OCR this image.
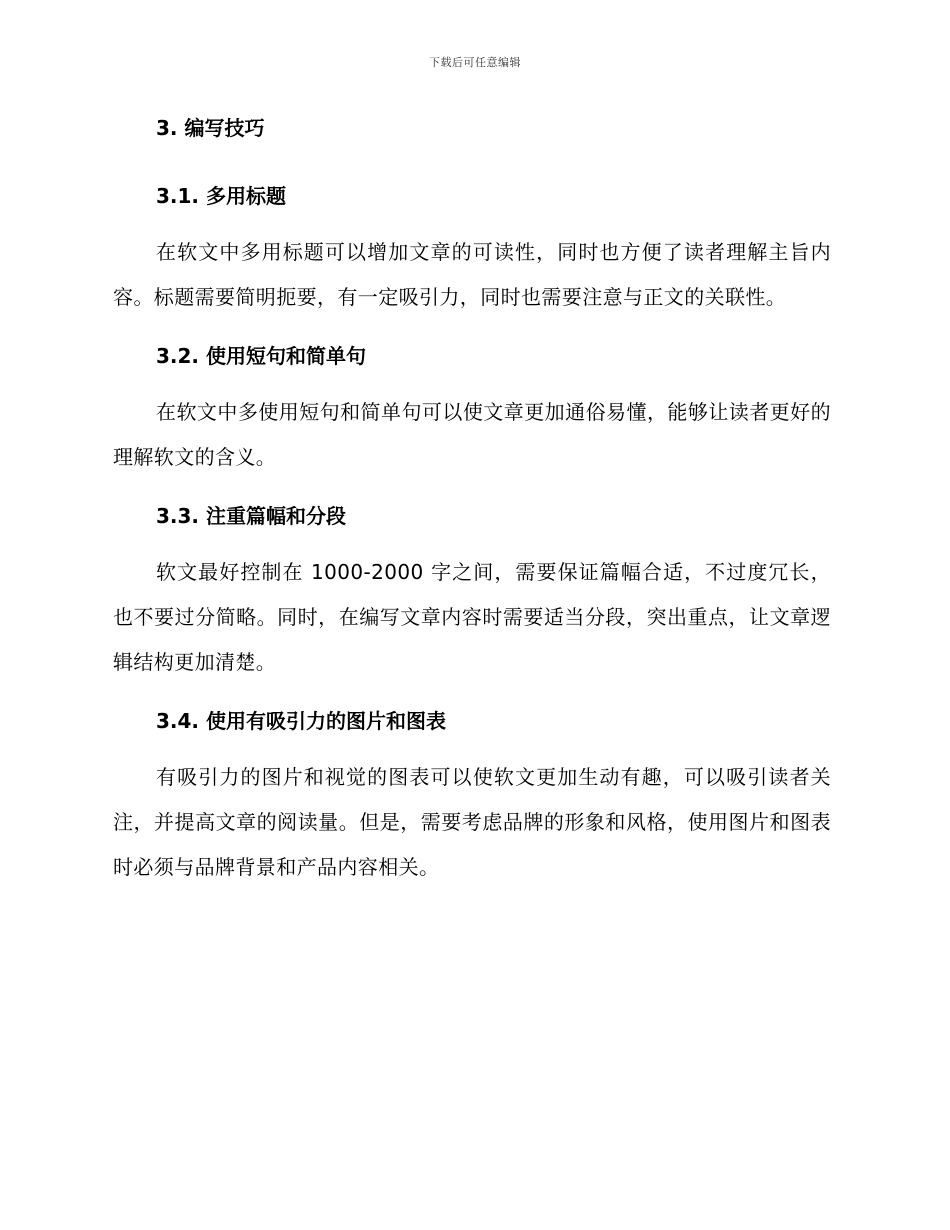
下载后可任意编辑
3. 编写技巧
3.1. 多用标题

在软文中多用标题可以增加文章的可读性，同时也方便了读者理解主旨内容。标题需要简明扼要，有一定吸引力，同时也需要注意与正文的关联性。

3.2. 使用短句和简单句

在软文中多使用短句和简单句可以使文章更加通俗易懂，能够让读者更好的理解软文的含义。

3.3. 注重篇幅和分段

软文最好控制在 1000-2000 字之间，需要保证篇幅合适，不过度冗长，也不要过分简略。同时，在编写文章内容时需要适当分段，突出重点，让文章逻辑结构更加清楚。

3.4. 使用有吸引力的图片和图表

有吸引力的图片和视觉的图表可以使软文更加生动有趣，可以吸引读者关注，并提高文章的阅读量。但是，需要考虑品牌的形象和风格，使用图片和图表时必须与品牌背景和产品内容相关。
